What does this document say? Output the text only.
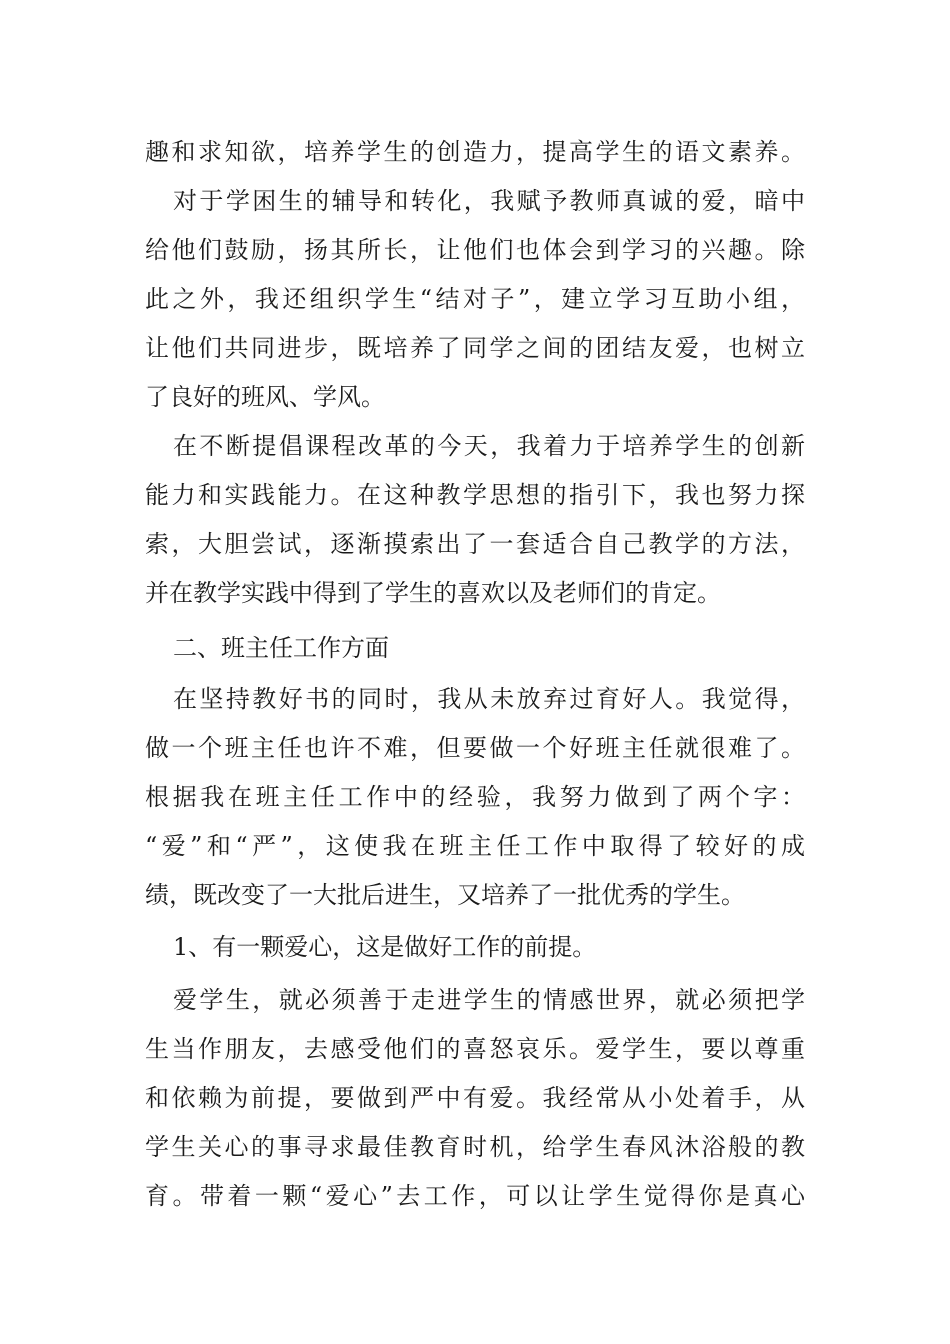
趣和求知欲，培养学生的创造力，提高学生的语文素养。
对于学困生的辅导和转化，我赋予教师真诚的爱，暗中
给他们鼓励，扬其所长，让他们也体会到学习的兴趣。除
此之外，我还组织学生“结对子”，建立学习互助小组，
让他们共同进步，既培养了同学之间的团结友爱，也树立
了良好的班风、学风。
在不断提倡课程改革的今天，我着力于培养学生的创新
能力和实践能力。在这种教学思想的指引下，我也努力探
索，大胆尝试，逐渐摸索出了一套适合自己教学的方法，
并在教学实践中得到了学生的喜欢以及老师们的肯定。
二、班主任工作方面
在坚持教好书的同时，我从未放弃过育好人。我觉得，
做一个班主任也许不难，但要做一个好班主任就很难了。
根据我在班主任工作中的经验，我努力做到了两个字：
“爱”和“严”，这使我在班主任工作中取得了较好的成
绩，既改变了一大批后进生，又培养了一批优秀的学生。
1、有一颗爱心，这是做好工作的前提。
爱学生，就必须善于走进学生的情感世界，就必须把学
生当作朋友，去感受他们的喜怒哀乐。爱学生，要以尊重
和依赖为前提，要做到严中有爱。我经常从小处着手，从
学生关心的事寻求最佳教育时机，给学生春风沐浴般的教
育。带着一颗“爱心”去工作，可以让学生觉得你是真心
